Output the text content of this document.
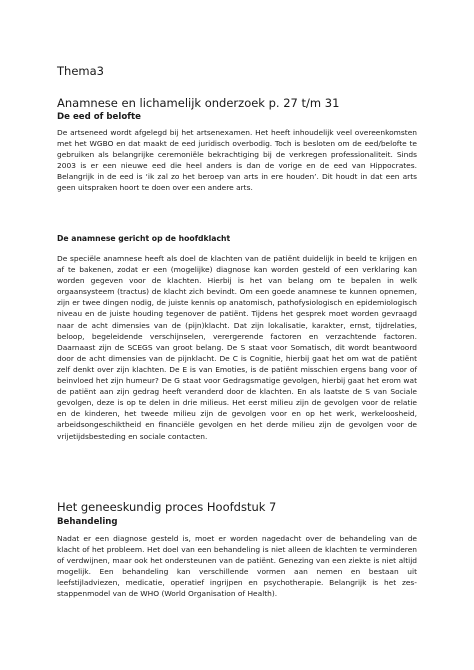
Thema3
Anamnese en lichamelijk onderzoek p. 27 t/m 31
De eed of belofte

De artseneed wordt afgelegd bij het artsenexamen. Het heeft inhoudelijk veel overeenkomsten met het WGBO en dat maakt de eed juridisch overbodig. Toch is besloten om de eed/belofte te gebruiken als belangrijke ceremoniële bekrachtiging bij de verkregen professionaliteit. Sinds 2003 is er een nieuwe eed die heel anders is dan de vorige en de eed van Hippocrates. Belangrijk in de eed is ‘ik zal zo het beroep van arts in ere houden’. Dit houdt in dat een arts geen uitspraken hoort te doen over een andere arts.

De anamnese gericht op de hoofdklacht

De speciële anamnese heeft als doel de klachten van de patiënt duidelijk in beeld te krijgen en af te bakenen, zodat er een (mogelijke) diagnose kan worden gesteld of een verklaring kan worden gegeven voor de klachten. Hierbij is het van belang om te bepalen in welk orgaansysteem (tractus) de klacht zich bevindt. Om een goede anamnese te kunnen opnemen, zijn er twee dingen nodig, de juiste kennis op anatomisch, pathofysiologisch en epidemiologisch niveau en de juiste houding tegenover de patiënt. Tijdens het gesprek moet worden gevraagd naar de acht dimensies van de (pijn)klacht. Dat zijn lokalisatie, karakter, ernst, tijdrelaties, beloop, begeleidende verschijnselen, verergerende factoren en verzachtende factoren. Daarnaast zijn de SCEGS van groot belang. De S staat voor Somatisch, dit wordt beantwoord door de acht dimensies van de pijnklacht. De C is Cognitie, hierbij gaat het om wat de patiënt zelf denkt over zijn klachten. De E is van Emoties, is de patiënt misschien ergens bang voor of beinvloed het zijn humeur? De G staat voor Gedragsmatige gevolgen, hierbij gaat het erom wat de patiënt aan zijn gedrag heeft veranderd door de klachten. En als laatste de S van Sociale gevolgen, deze is op te delen in drie milieus. Het eerst milieu zijn de gevolgen voor de relatie en de kinderen, het tweede milieu zijn de gevolgen voor en op het werk, werkeloosheid, arbeidsongeschiktheid en financiële gevolgen en het derde milieu zijn de gevolgen voor de vrijetijdsbesteding en sociale contacten.

Het geneeskundig proces Hoofdstuk 7
Behandeling

Nadat er een diagnose gesteld is, moet er worden nagedacht over de behandeling van de klacht of het probleem. Het doel van een behandeling is niet alleen de klachten te verminderen of verdwijnen, maar ook het ondersteunen van de patiënt. Genezing van een ziekte is niet altijd mogelijk. Een behandeling kan verschillende vormen aan nemen en bestaan uit leefstijladviezen, medicatie, operatief ingrijpen en psychotherapie. Belangrijk is het zes-stappenmodel van de WHO (World Organisation of Health).
